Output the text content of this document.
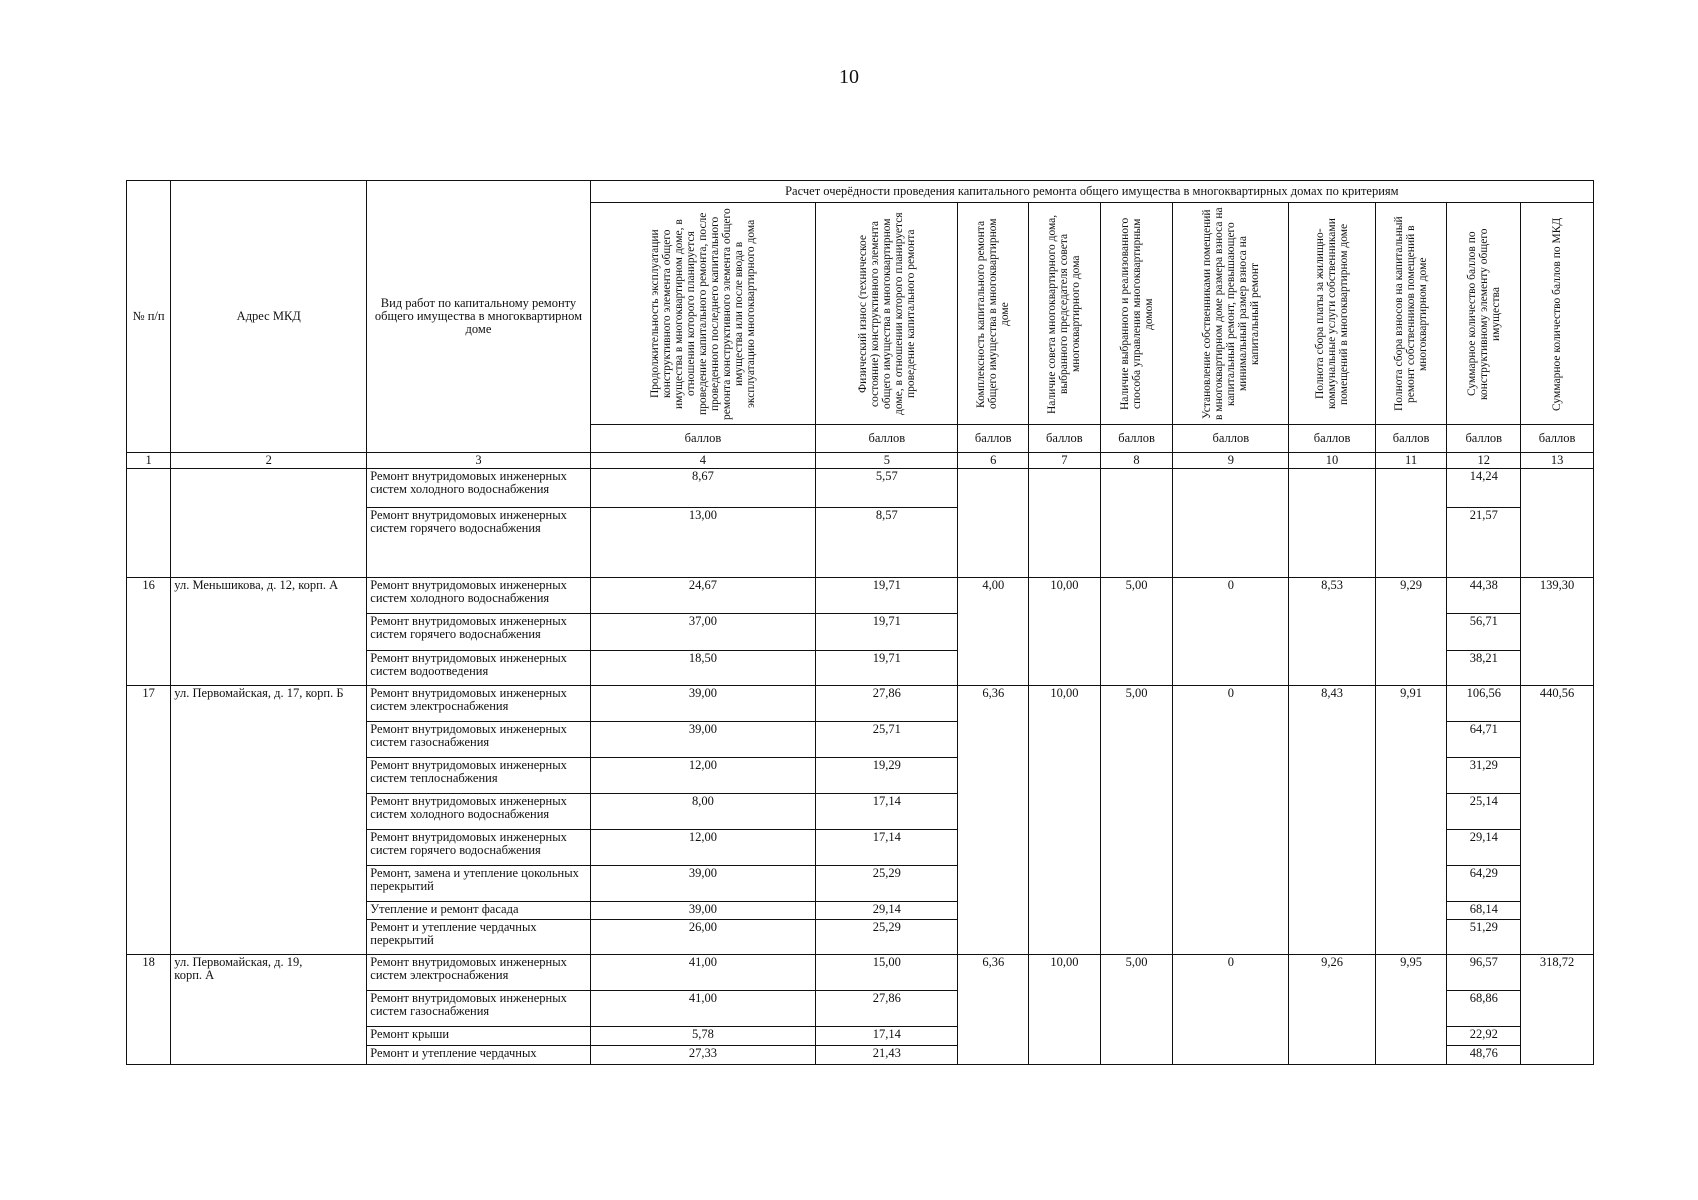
10
№ п/п	Адрес МКД	Вид работ по капитальному ремонту общего имущества в многоквартирном доме	Расчет очерёдности проведения капитального ремонта общего имущества в многоквартирных домах по критериям									

			Продолжительность эксплуатации конструктивного элемента общего имущества в многоквартирном доме, в отношении которого планируется проведение капитального ремонта, после проведенного последнего капитального ремонта конструктивного элемента общего имущества или после ввода в эксплуатацию многоквартирного дома	Физический износ (техническое состояние) конструктивного элемента общего имущества в многоквартирном доме, в отношении которого планируется проведение капитального ремонта	Комплексность капитального ремонта общего имущества в многоквартирном доме	Наличие совета многоквартирного дома, выбранного председателя совета многоквартирного дома	Наличие выбранного и реализованного способа управления многоквартирным домом	Установление собственниками помещений в многоквартирном доме размера взноса на капитальный ремонт, превышающего минимальный размер взноса на капитальный ремонт	Полнота сбора платы за жилищно-коммунальные услуги собственниками помещений в многоквартирном доме	Полнота сбора взносов на капитальный ремонт собственников помещений в многоквартирном доме	Суммарное количество баллов по конструктивному элементу общего имущества	Суммарное количество баллов по МКД

			баллов	баллов	баллов	баллов	баллов	баллов	баллов	баллов	баллов	баллов
1	2	3	4	5	6	7	8	9	10	11	12	13
		Ремонт внутридомовых инженерных систем холодного водоснабжения	8,67	5,57							14,24	
		Ремонт внутридомовых инженерных систем горячего водоснабжения	13,00	8,57							21,57	
16	ул. Меньшикова, д. 12, корп. А	Ремонт внутридомовых инженерных систем холодного водоснабжения	24,67	19,71	4,00	10,00	5,00	0	8,53	9,29	44,38	139,30
		Ремонт внутридомовых инженерных систем горячего водоснабжения	37,00	19,71							56,71	
		Ремонт внутридомовых инженерных систем водоотведения	18,50	19,71							38,21	
17	ул. Первомайская, д. 17, корп. Б	Ремонт внутридомовых инженерных систем электроснабжения	39,00	27,86	6,36	10,00	5,00	0	8,43	9,91	106,56	440,56
		Ремонт внутридомовых инженерных систем газоснабжения	39,00	25,71							64,71	
		Ремонт внутридомовых инженерных систем теплоснабжения	12,00	19,29							31,29	
		Ремонт внутридомовых инженерных систем холодного водоснабжения	8,00	17,14							25,14	
		Ремонт внутридомовых инженерных систем горячего водоснабжения	12,00	17,14							29,14	
		Ремонт, замена и утепление цокольных перекрытий	39,00	25,29							64,29	
		Утепление и ремонт фасада	39,00	29,14							68,14	
		Ремонт и утепление чердачных перекрытий	26,00	25,29							51,29	
18	ул. Первомайская, д. 19, корп. А	Ремонт внутридомовых инженерных систем электроснабжения	41,00	15,00	6,36	10,00	5,00	0	9,26	9,95	96,57	318,72
		Ремонт внутридомовых инженерных систем газоснабжения	41,00	27,86							68,86	
		Ремонт крыши	5,78	17,14							22,92	
		Ремонт и утепление чердачных	27,33	21,43							48,76	
